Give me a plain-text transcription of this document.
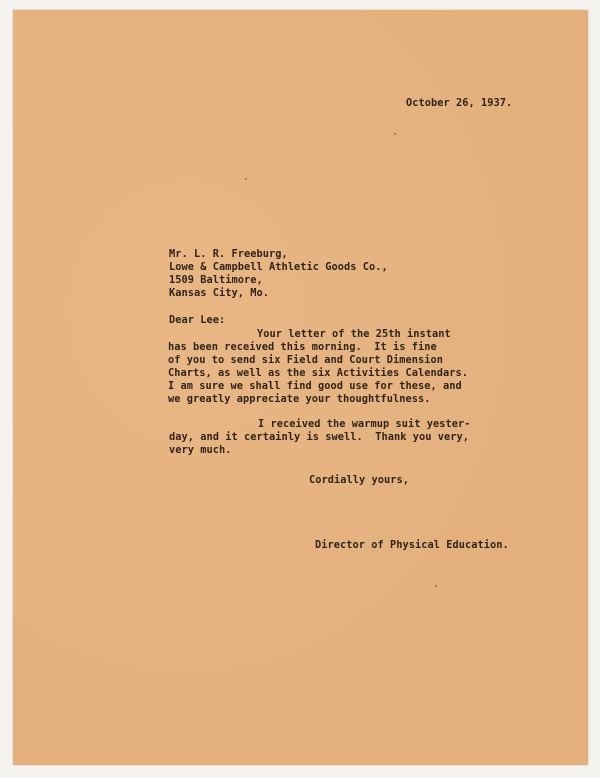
October 26, 1937.
Mr. L. R. Freeburg,
Lowe & Campbell Athletic Goods Co.,
1509 Baltimore,
Kansas City, Mo.
Dear Lee:
Your letter of the 25th instant
has been received this morning.  It is fine
of you to send six Field and Court Dimension
Charts, as well as the six Activities Calendars.
I am sure we shall find good use for these, and
we greatly appreciate your thoughtfulness.
I received the warmup suit yester-
day, and it certainly is swell.  Thank you very,
very much.
Cordially yours,
Director of Physical Education.
